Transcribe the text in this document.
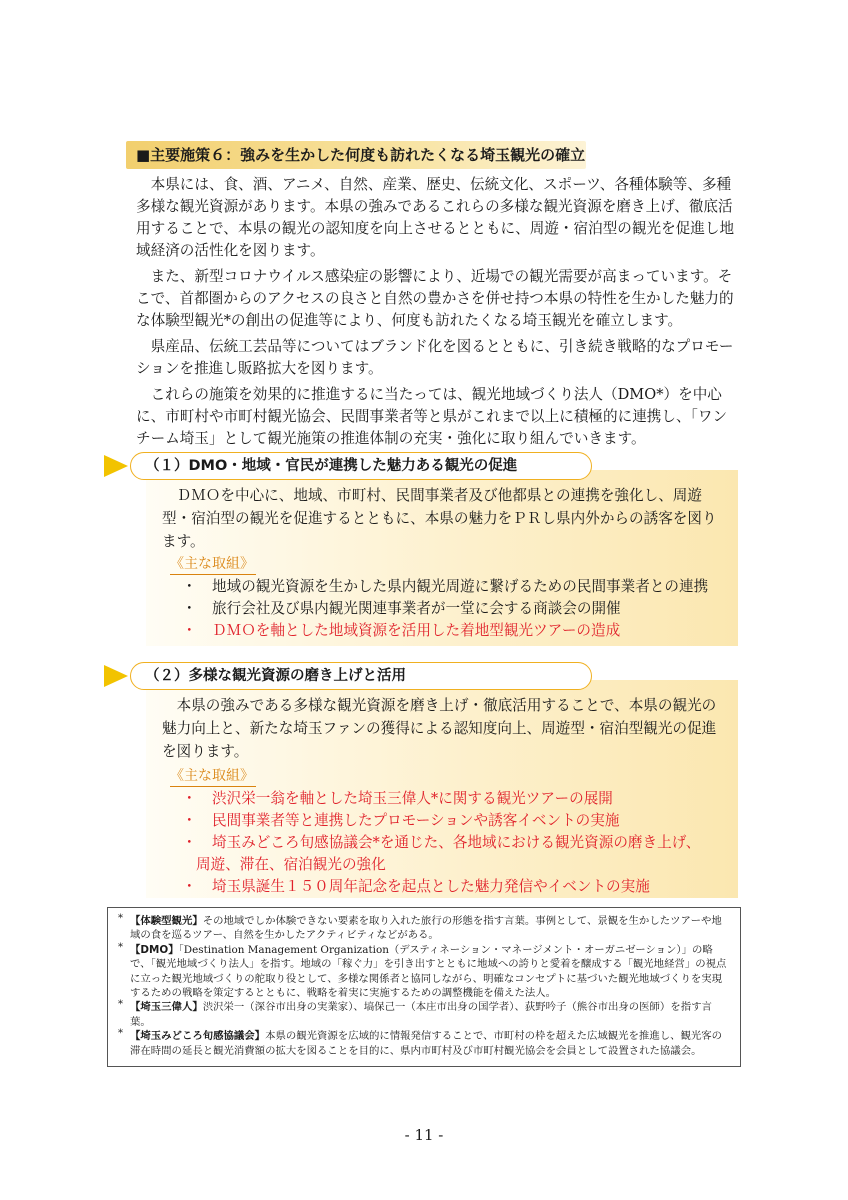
■主要施策６：強みを生かした何度も訪れたくなる埼玉観光の確立

本県には、食、酒、アニメ、自然、産業、歴史、伝統文化、スポーツ、各種体験等、多種多様な観光資源があります。本県の強みであるこれらの多様な観光資源を磨き上げ、徹底活用することで、本県の観光の認知度を向上させるとともに、周遊・宿泊型の観光を促進し地域経済の活性化を図ります。

また、新型コロナウイルス感染症の影響により、近場での観光需要が高まっています。そこで、首都圏からのアクセスの良さと自然の豊かさを併せ持つ本県の特性を生かした魅力的な体験型観光*の創出の促進等により、何度も訪れたくなる埼玉観光を確立します。

県産品、伝統工芸品等についてはブランド化を図るとともに、引き続き戦略的なプロモーションを推進し販路拡大を図ります。

これらの施策を効果的に推進するに当たっては、観光地域づくり法人（DMO*）を中心に、市町村や市町村観光協会、民間事業者等と県がこれまで以上に積極的に連携し、「ワンチーム埼玉」として観光施策の推進体制の充実・強化に取り組んでいきます。

ＤＭＯを中心に、地域、市町村、民間事業者及び他都県との連携を強化し、周遊型・宿泊型の観光を促進するとともに、本県の魅力をＰＲし県内外からの誘客を図ります。

《主な取組》
・ 地域の観光資源を生かした県内観光周遊に繋げるための民間事業者との連携
・ 旅行会社及び県内観光関連事業者が一堂に会する商談会の開催
・ ＤＭＯを軸とした地域資源を活用した着地型観光ツアーの造成
（１）DMO・地域・官民が連携した魅力ある観光の促進

本県の強みである多様な観光資源を磨き上げ・徹底活用することで、本県の観光の魅力向上と、新たな埼玉ファンの獲得による認知度向上、周遊型・宿泊型観光の促進を図ります。

《主な取組》
・ 渋沢栄一翁を軸とした埼玉三偉人*に関する観光ツアーの展開
・ 民間事業者等と連携したプロモーションや誘客イベントの実施
・ 埼玉みどころ旬感協議会*を通じた、各地域における観光資源の磨き上げ、
周遊、滞在、宿泊観光の強化
・ 埼玉県誕生１５０周年記念を起点とした魅力発信やイベントの実施
（２）多様な観光資源の磨き上げと活用

* 【体験型観光】その地域でしか体験できない要素を取り入れた旅行の形態を指す言葉。事例として、景観を生かしたツアーや地域の食を巡るツアー、自然を生かしたアクティビティなどがある。

* 【DMO】「Destination Management Organization（デスティネーション・マネージメント・オーガニゼーション）」の略で、「観光地域づくり法人」を指す。地域の「稼ぐ力」を引き出すとともに地域への誇りと愛着を醸成する「観光地経営」の視点に立った観光地域づくりの舵取り役として、多様な関係者と協同しながら、明確なコンセプトに基づいた観光地域づくりを実現するための戦略を策定するとともに、戦略を着実に実施するための調整機能を備えた法人。

* 【埼玉三偉人】渋沢栄一（深谷市出身の実業家）、塙保己一（本庄市出身の国学者）、荻野吟子（熊谷市出身の医師）を指す言葉。

* 【埼玉みどころ旬感協議会】本県の観光資源を広域的に情報発信することで、市町村の枠を超えた広域観光を推進し、観光客の滞在時間の延長と観光消費額の拡大を図ることを目的に、県内市町村及び市町村観光協会を会員として設置された協議会。

- 11 -
